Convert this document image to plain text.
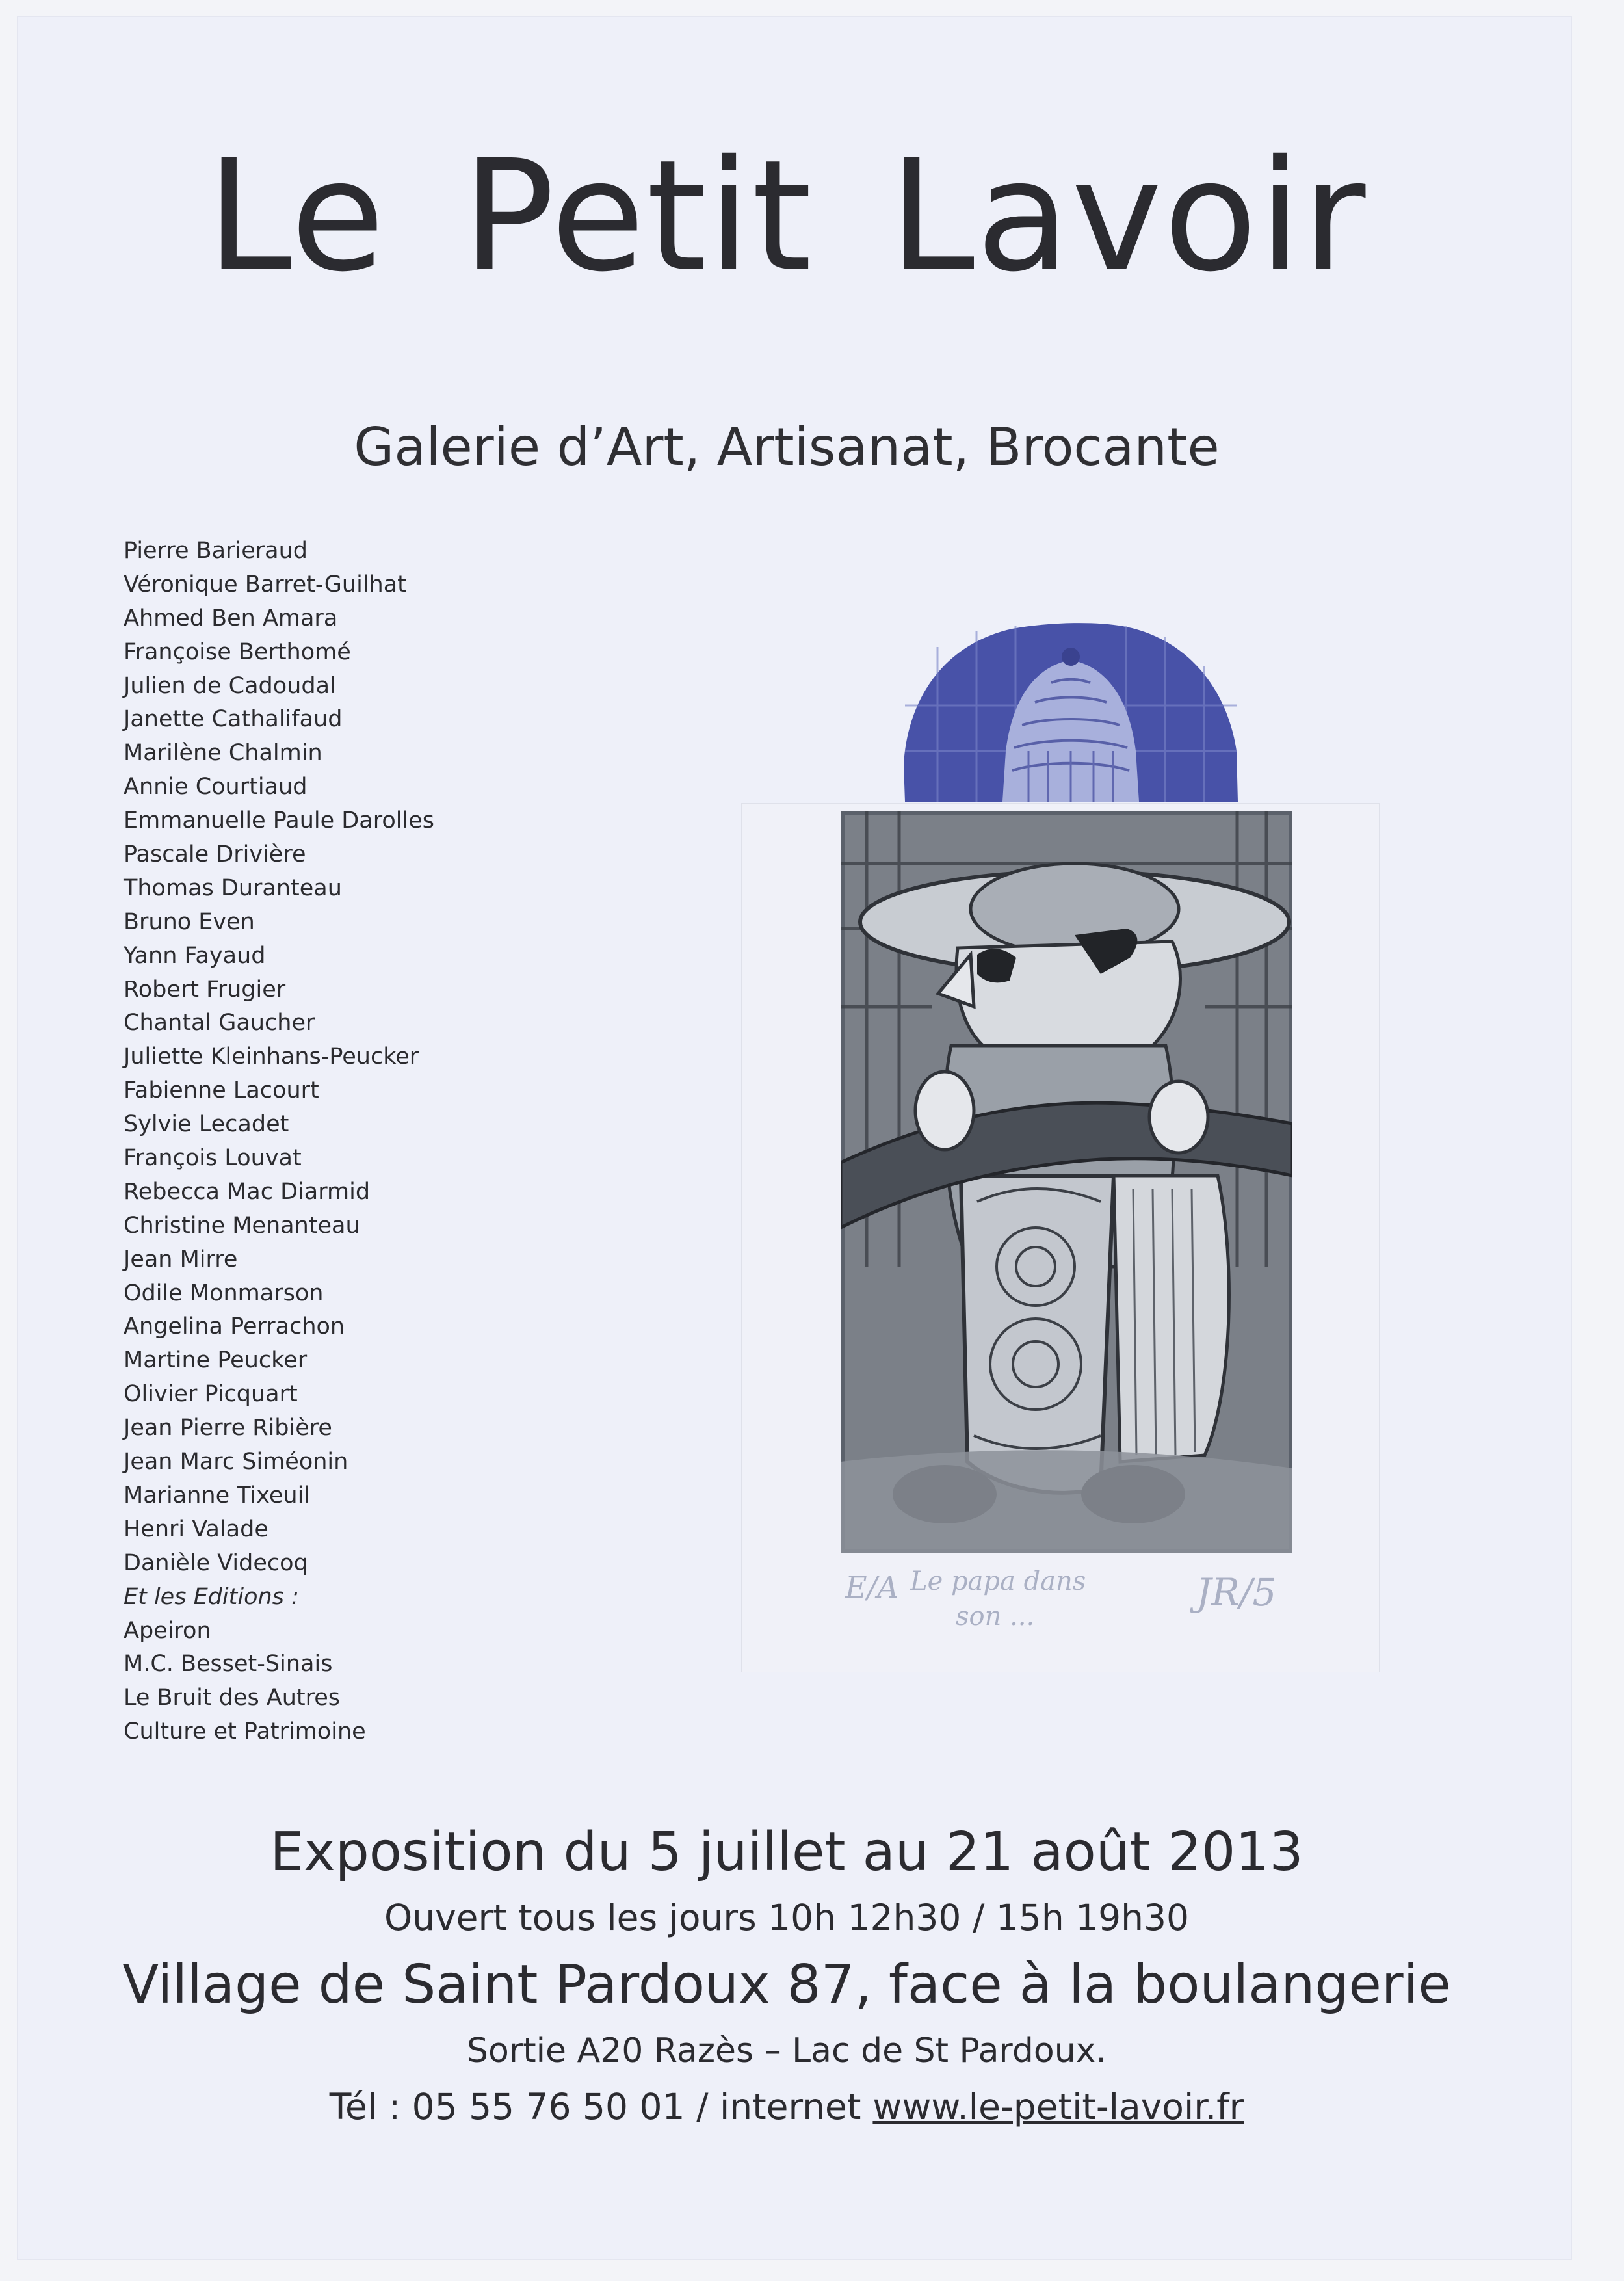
Le Petit Lavoir
Galerie d’Art, Artisanat, Brocante
Pierre Barieraud
Véronique Barret-Guilhat
Ahmed Ben Amara
Françoise Berthomé
Julien de Cadoudal
Janette Cathalifaud
Marilène Chalmin
Annie Courtiaud
Emmanuelle Paule Darolles
Pascale Drivière
Thomas Duranteau
Bruno Even
Yann Fayaud
Robert Frugier
Chantal Gaucher
Juliette Kleinhans-Peucker
Fabienne Lacourt
Sylvie Lecadet
François Louvat
Rebecca Mac Diarmid
Christine Menanteau
Jean Mirre
Odile Monmarson
Angelina Perrachon
Martine Peucker
Olivier Picquart
Jean Pierre Ribière
Jean Marc Siméonin
Marianne Tixeuil
Henri Valade
Danièle Videcoq
Et les Editions :
Apeiron
M.C. Besset-Sinais
Le Bruit des Autres
Culture et Patrimoine
E/A Le papa dans
son ...
JR/5
Exposition du 5 juillet au 21 août 2013
Ouvert tous les jours 10h 12h30 / 15h 19h30
Village de Saint Pardoux 87, face à la boulangerie
Sortie A20 Razès – Lac de St Pardoux.
Tél : 05 55 76 50 01 / internet www.le-petit-lavoir.fr
